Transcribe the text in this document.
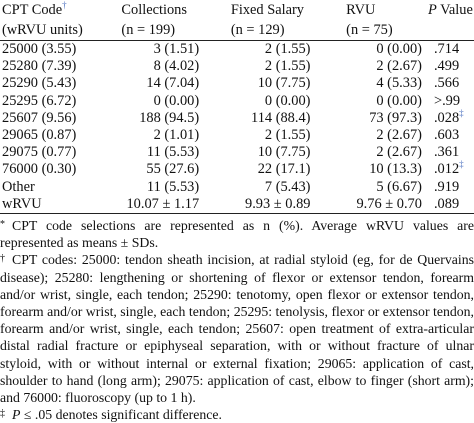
CPT Code†	Collections		Fixed Salary		RVU	P Value
(wRVU units)	(n = 199)		(n = 129)		(n = 75)	
25000 (3.55)	3 (1.51)		2 (1.55)		0 (0.00)	.714
25280 (7.39)	8 (4.02)		2 (1.55)		2 (2.67)	.499
25290 (5.43)	14 (7.04)		10 (7.75)		4 (5.33)	.566
25295 (6.72)	0 (0.00)		0 (0.00)		0 (0.00)	>.99
25607 (9.56)	188 (94.5)		114 (88.4)		73 (97.3)	.028‡
29065 (0.87)	2 (1.01)		2 (1.55)		2 (2.67)	.603
29075 (0.77)	11 (5.53)		10 (7.75)		2 (2.67)	.361
76000 (0.30)	55 (27.6)		22 (17.1)		10 (13.3)	.012‡
Other	11 (5.53)		7 (5.43)		5 (6.67)	.919
wRVU	10.07 ± 1.17		9.93 ± 0.89		9.76 ± 0.70	.089
* CPT code selections are represented as n (%). Average wRVU values are represented as means ± SDs.
† CPT codes: 25000: tendon sheath incision, at radial styloid (eg, for de Quervains disease); 25280: lengthening or shortening of flexor or extensor tendon, forearm and/or wrist, single, each tendon; 25290: tenotomy, open flexor or extensor tendon, forearm and/or wrist, single, each tendon; 25295: tenolysis, flexor or extensor tendon, forearm and/or wrist, single, each tendon; 25607: open treatment of extra-articular distal radial fracture or epiphyseal separation, with or without fracture of ulnar styloid, with or without internal or external fixation; 29065: application of cast, shoulder to hand (long arm); 29075: application of cast, elbow to finger (short arm); and 76000: fluoroscopy (up to 1 h).
‡ P ≤ .05 denotes significant difference.
